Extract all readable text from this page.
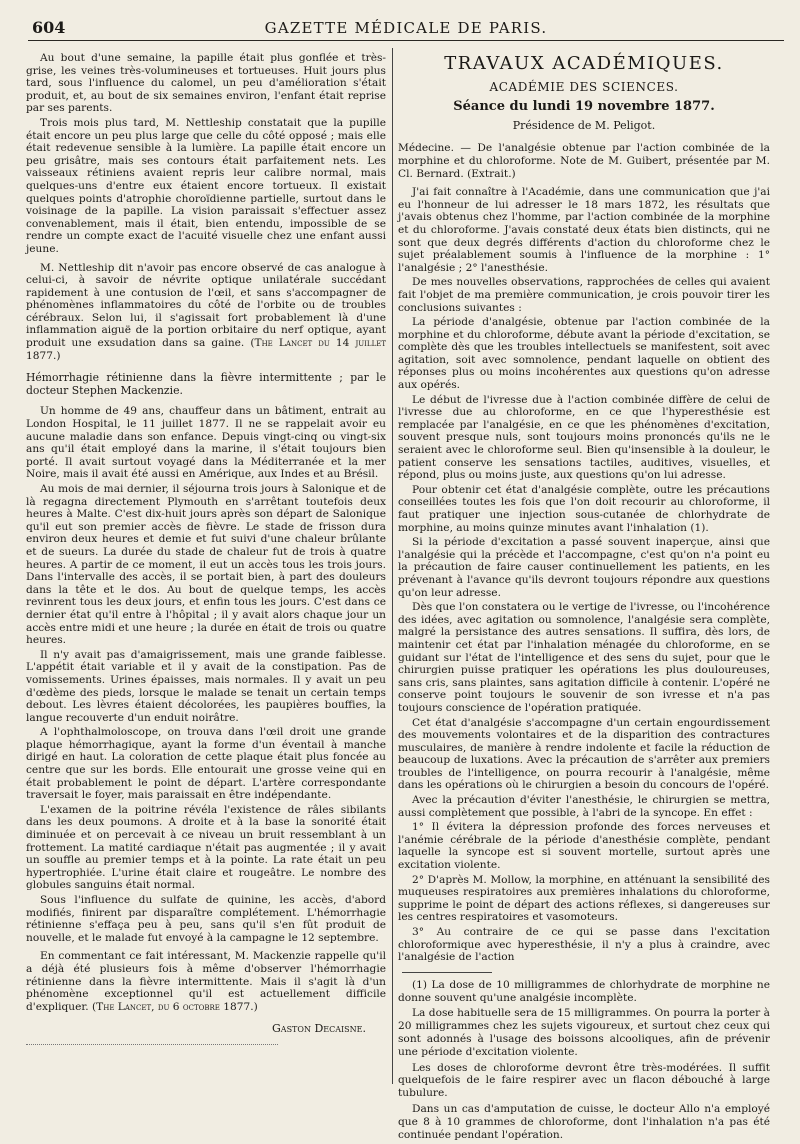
604	GAZETTE MÉDICALE DE PARIS.

Au bout d'une semaine, la papille était plus gonflée et très-grise, les veines très-volumineuses et tortueuses. Huit jours plus tard, sous l'influence du calomel, un peu d'amélioration s'était produit, et, au bout de six semaines environ, l'enfant était reprise par ses parents.

Trois mois plus tard, M. Nettleship constatait que la pupille était encore un peu plus large que celle du côté opposé ; mais elle était redevenue sensible à la lumière. La papille était encore un peu grisâtre, mais ses contours était parfaitement nets. Les vaisseaux rétiniens avaient repris leur calibre normal, mais quelques-uns d'entre eux étaient encore tortueux. Il existait quelques points d'atrophie choroïdienne partielle, surtout dans le voisinage de la papille. La vision paraissait s'effectuer assez convenablement, mais il était, bien entendu, impossible de se rendre un compte exact de l'acuité visuelle chez une enfant aussi jeune.

M. Nettleship dit n'avoir pas encore observé de cas analogue à celui-ci, à savoir de névrite optique unilatérale succédant rapidement à une contusion de l'œil, et sans s'accompagner de phénomènes inflammatoires du côté de l'orbite ou de troubles cérébraux. Selon lui, il s'agissait fort probablement là d'une inflammation aiguë de la portion orbitaire du nerf optique, ayant produit une exsudation dans sa gaine. (The Lancet du 14 juillet 1877.)

Hémorrhagie rétinienne dans la fièvre intermittente ; par le docteur Stephen Mackenzie.

Un homme de 49 ans, chauffeur dans un bâtiment, entrait au London Hospital, le 11 juillet 1877. Il ne se rappelait avoir eu aucune maladie dans son enfance. Depuis vingt-cinq ou vingt-six ans qu'il était employé dans la marine, il s'était toujours bien porté. Il avait surtout voyagé dans la Méditerranée et la mer Noire, mais il avait été aussi en Amérique, aux Indes et au Brésil.

Au mois de mai dernier, il séjourna trois jours à Salonique et de là regagna directement Plymouth en s'arrêtant toutefois deux heures à Malte. C'est dix-huit jours après son départ de Salonique qu'il eut son premier accès de fièvre. Le stade de frisson dura environ deux heures et demie et fut suivi d'une chaleur brûlante et de sueurs. La durée du stade de chaleur fut de trois à quatre heures. A partir de ce moment, il eut un accès tous les trois jours. Dans l'intervalle des accès, il se portait bien, à part des douleurs dans la tête et le dos. Au bout de quelque temps, les accès revinrent tous les deux jours, et enfin tous les jours. C'est dans ce dernier état qu'il entre à l'hôpital ; il y avait alors chaque jour un accès entre midi et une heure ; la durée en était de trois ou quatre heures.

Il n'y avait pas d'amaigrissement, mais une grande faiblesse. L'appétit était variable et il y avait de la constipation. Pas de vomissements. Urines épaisses, mais normales. Il y avait un peu d'œdème des pieds, lorsque le malade se tenait un certain temps debout. Les lèvres étaient décolorées, les paupières bouffies, la langue recouverte d'un enduit noirâtre.

A l'ophthalmoloscope, on trouva dans l'œil droit une grande plaque hémorrhagique, ayant la forme d'un éventail à manche dirigé en haut. La coloration de cette plaque était plus foncée au centre que sur les bords. Elle entourait une grosse veine qui en était probablement le point de départ. L'artère correspondante traversait le foyer, mais paraissait en être indépendante.

L'examen de la poitrine révéla l'existence de râles sibilants dans les deux poumons. A droite et à la base la sonorité était diminuée et on percevait à ce niveau un bruit ressemblant à un frottement. La matité cardiaque n'était pas augmentée ; il y avait un souffle au premier temps et à la pointe. La rate était un peu hypertrophiée. L'urine était claire et rougeâtre. Le nombre des globules sanguins était normal.

Sous l'influence du sulfate de quinine, les accès, d'abord modifiés, finirent par disparaître complétement. L'hémorrhagie rétinienne s'effaça peu à peu, sans qu'il s'en fût produit de nouvelle, et le malade fut envoyé à la campagne le 12 septembre.

En commentant ce fait intéressant, M. Mackenzie rappelle qu'il a déjà été plusieurs fois à même d'observer l'hémorrhagie rétinienne dans la fièvre intermittente. Mais il s'agit là d'un phénomène exceptionnel qu'il est actuellement difficile d'expliquer. (The Lancet, du 6 octobre 1877.)

Gaston Decaisne.
TRAVAUX ACADÉMIQUES.
ACADÉMIE DES SCIENCES.
Séance du lundi 19 novembre 1877.
Présidence de M. Peligot.

Médecine. — De l'analgésie obtenue par l'action combinée de la morphine et du chloroforme. Note de M. Guibert, présentée par M. Cl. Bernard. (Extrait.)

J'ai fait connaître à l'Académie, dans une communication que j'ai eu l'honneur de lui adresser le 18 mars 1872, les résultats que j'avais obtenus chez l'homme, par l'action combinée de la morphine et du chloroforme. J'avais constaté deux états bien distincts, qui ne sont que deux degrés différents d'action du chloroforme chez le sujet préalablement soumis à l'influence de la morphine : 1° l'analgésie ; 2° l'anesthésie.

De mes nouvelles observations, rapprochées de celles qui avaient fait l'objet de ma première communication, je crois pouvoir tirer les conclusions suivantes :

La période d'analgésie, obtenue par l'action combinée de la morphine et du chloroforme, débute avant la période d'excitation, se complète dès que les troubles intellectuels se manifestent, soit avec agitation, soit avec somnolence, pendant laquelle on obtient des réponses plus ou moins incohérentes aux questions qu'on adresse aux opérés.

Le début de l'ivresse due à l'action combinée diffère de celui de l'ivresse due au chloroforme, en ce que l'hyperesthésie est remplacée par l'analgésie, en ce que les phénomènes d'excitation, souvent presque nuls, sont toujours moins prononcés qu'ils ne le seraient avec le chloroforme seul. Bien qu'insensible à la douleur, le patient conserve les sensations tactiles, auditives, visuelles, et répond, plus ou moins juste, aux questions qu'on lui adresse.

Pour obtenir cet état d'analgésie complète, outre les précautions conseillées toutes les fois que l'on doit recourir au chloroforme, il faut pratiquer une injection sous-cutanée de chlorhydrate de morphine, au moins quinze minutes avant l'inhalation (1).

Si la période d'excitation a passé souvent inaperçue, ainsi que l'analgésie qui la précède et l'accompagne, c'est qu'on n'a point eu la précaution de faire causer continuellement les patients, en les prévenant à l'avance qu'ils devront toujours répondre aux questions qu'on leur adresse.

Dès que l'on constatera ou le vertige de l'ivresse, ou l'incohérence des idées, avec agitation ou somnolence, l'analgésie sera complète, malgré la persistance des autres sensations. Il suffira, dès lors, de maintenir cet état par l'inhalation ménagée du chloroforme, en se guidant sur l'état de l'intelligence et des sens du sujet, pour que le chirurgien puisse pratiquer les opérations les plus douloureuses, sans cris, sans plaintes, sans agitation difficile à contenir. L'opéré ne conserve point toujours le souvenir de son ivresse et n'a pas toujours conscience de l'opération pratiquée.

Cet état d'analgésie s'accompagne d'un certain engourdissement des mouvements volontaires et de la disparition des contractures musculaires, de manière à rendre indolente et facile la réduction de beaucoup de luxations. Avec la précaution de s'arrêter aux premiers troubles de l'intelligence, on pourra recourir à l'analgésie, même dans les opérations où le chirurgien a besoin du concours de l'opéré.

Avec la précaution d'éviter l'anesthésie, le chirurgien se mettra, aussi complètement que possible, à l'abri de la syncope. En effet :

1° Il évitera la dépression profonde des forces nerveuses et l'anémie cérébrale de la période d'anesthésie complète, pendant laquelle la syncope est si souvent mortelle, surtout après une excitation violente.

2° D'après M. Mollow, la morphine, en atténuant la sensibilité des muqueuses respiratoires aux premières inhalations du chloroforme, supprime le point de départ des actions réflexes, si dangereuses sur les centres respiratoires et vasomoteurs.

3° Au contraire de ce qui se passe dans l'excitation chloroformique avec hyperesthésie, il n'y a plus à craindre, avec l'analgésie de l'action

(1) La dose de 10 milligrammes de chlorhydrate de morphine ne donne souvent qu'une analgésie incomplète.

La dose habituelle sera de 15 milligrammes. On pourra la porter à 20 milligrammes chez les sujets vigoureux, et surtout chez ceux qui sont adonnés à l'usage des boissons alcooliques, afin de prévenir une période d'excitation violente.

Les doses de chloroforme devront être très-modérées. Il suffit quelquefois de le faire respirer avec un flacon débouché à large tubulure.

Dans un cas d'amputation de cuisse, le docteur Allo n'a employé que 8 à 10 grammes de chloroforme, dont l'inhalation n'a pas été continuée pendant l'opération.
